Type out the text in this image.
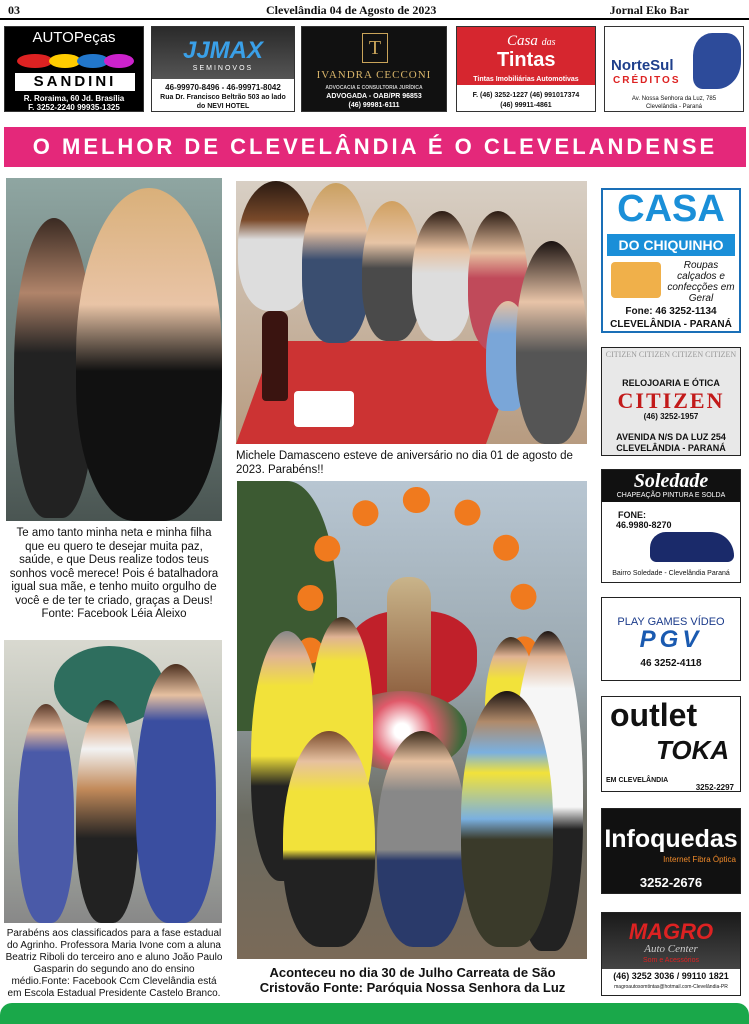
03	Clevelândia 04 de Agosto de 2023	Jornal Eko Bar
AUTOPeças
SANDINI
R. Roraima, 60 Jd. Brasília
F. 3252-2240 99935-1325
JJMAX
SEMINOVOS
46-99970-8496 - 46-99971-8042
Rua Dr. Francisco Beltrão 503 ao lado
do NEVI HOTEL
T
IVANDRA CECCONI
ADVOCACIA E CONSULTORIA JURÍDICA
ADVOGADA - OAB/PR 96853
(46) 99981-6111
Casa das
Tintas
Tintas Imobiliárias Automotivas
F. (46) 3252-1227 (46) 991017374
(46) 99911-4861
NorteSul
CRÉDITOS
Av. Nossa Senhora da Luz, 785
Clevelândia - Paraná
O MELHOR DE CLEVELÂNDIA É O CLEVELANDENSE
Te amo tanto minha neta e minha filha que eu quero te desejar muita paz, saúde, e que Deus realize todos teus sonhos você merece! Pois é batalhadora igual sua mãe, e tenho muito orgulho de você e de ter te criado, graças a Deus! Fonte: Facebook Léia Aleixo
Parabéns aos classificados para a fase estadual do Agrinho. Professora Maria Ivone com a aluna Beatriz Riboli do terceiro ano e aluno João Paulo Gasparin do segundo ano do ensino médio.Fonte: Facebook Ccm Clevelândia está em Escola Estadual Presidente Castelo Branco.
Michele Damasceno esteve de aniversário no dia 01 de agosto de 2023. Parabéns!!
Aconteceu no dia 30 de Julho Carreata de São Cristovão Fonte: Paróquia Nossa Senhora da Luz
CASA
DO CHIQUINHO
Roupas calçados e confecções em Geral
Fone: 46 3252-1134
CLEVELÂNDIA - PARANÁ
CITIZEN CITIZEN CITIZEN CITIZEN
RELOJOARIA E ÓTICA
CITIZEN
(46) 3252-1957
AVENIDA N/S DA LUZ 254
CLEVELÂNDIA - PARANÁ
Soledade
CHAPEAÇÃO PINTURA E SOLDA
FONE:
46.9980-8270
Bairro Soledade - Clevelândia Paraná
PLAY GAMES VÍDEO
PGV
46 3252-4118
outlet
TOKA
EM CLEVELÂNDIA
3252-2297
Infoquedas
Internet Fibra Óptica
3252-2676
MAGRO
Auto Center
Som e Acessórios
(46) 3252 3036 / 99110 1821
magroautosomtintas@hotmail.com-Clevelândia-PR
